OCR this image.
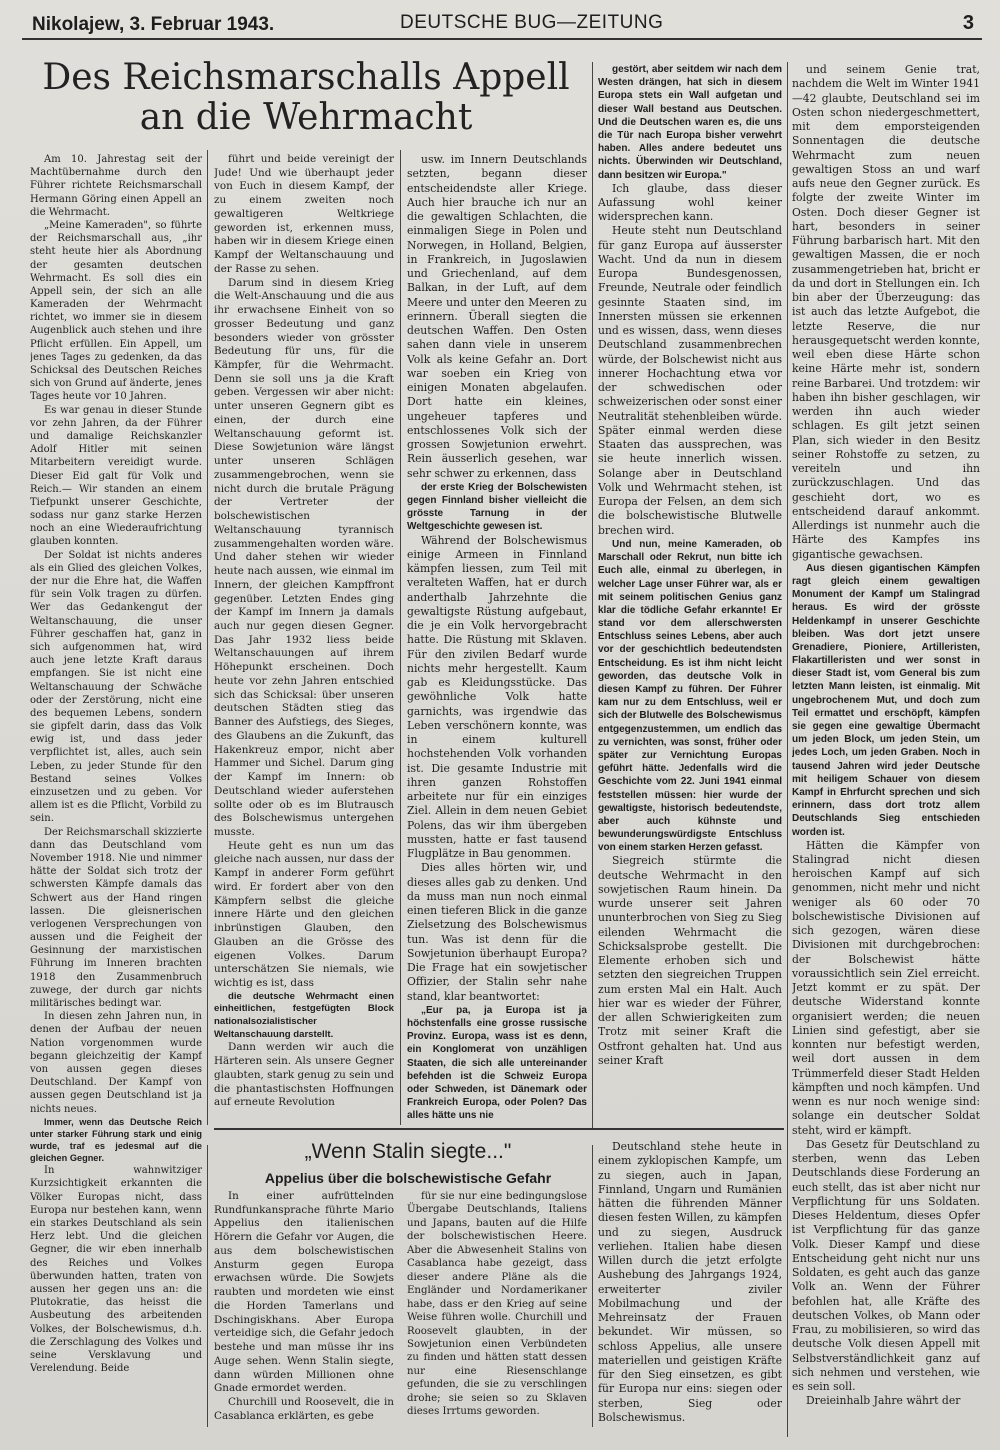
Nikolajew, 3. Februar 1943.	DEUTSCHE BUG—ZEITUNG	3
Des Reichsmarschalls Appell
an die Wehrmacht

Am 10. Jahrestag seit der Machtübernahme durch den Führer richtete Reichsmarschall Hermann Göring einen Appell an die Wehrmacht.

„Meine Kameraden", so führte der Reichsmarschall aus, „ihr steht heute hier als Abordnung der gesamten deutschen Wehrmacht. Es soll dies ein Appell sein, der sich an alle Kameraden der Wehrmacht richtet, wo immer sie in diesem Augenblick auch stehen und ihre Pflicht erfüllen. Ein Appell, um jenes Tages zu gedenken, da das Schicksal des Deutschen Reiches sich von Grund auf änderte, jenes Tages heute vor 10 Jahren.

Es war genau in dieser Stunde vor zehn Jahren, da der Führer und damalige Reichskanzler Adolf Hitler mit seinen Mitarbeitern vereidigt wurde. Dieser Eid galt für Volk und Reich.— Wir standen an einem Tiefpunkt unserer Geschichte, sodass nur ganz starke Herzen noch an eine Wiederaufrichtung glauben konnten.

Der Soldat ist nichts anderes als ein Glied des gleichen Volkes, der nur die Ehre hat, die Waffen für sein Volk tragen zu dürfen. Wer das Gedankengut der Weltanschauung, die unser Führer geschaffen hat, ganz in sich aufgenommen hat, wird auch jene letzte Kraft daraus empfangen. Sie ist nicht eine Weltanschauung der Schwäche oder der Zerstörung, nicht eine des bequemen Lebens, sondern sie gipfelt darin, dass das Volk ewig ist, und dass jeder verpflichtet ist, alles, auch sein Leben, zu jeder Stunde für den Bestand seines Volkes einzusetzen und zu geben. Vor allem ist es die Pflicht, Vorbild zu sein.

Der Reichsmarschall skizzierte dann das Deutschland vom November 1918. Nie und nimmer hätte der Soldat sich trotz der schwersten Kämpfe damals das Schwert aus der Hand ringen lassen. Die gleisnerischen verlogenen Versprechungen von aussen und die Feigheit der Gesinnung der marxistischen Führung im Inneren brachten 1918 den Zusammenbruch zuwege, der durch gar nichts militärisches bedingt war.

In diesen zehn Jahren nun, in denen der Aufbau der neuen Nation vorgenommen wurde begann gleichzeitig der Kampf von aussen gegen dieses Deutschland. Der Kampf von aussen gegen Deutschland ist ja nichts neues.

Immer, wenn das Deutsche Reich unter starker Führung stark und einig wurde, traf es jedesmal auf die gleichen Gegner.

In wahnwitziger Kurzsichtigkeit erkannten die Völker Europas nicht, dass Europa nur bestehen kann, wenn ein starkes Deutschland als sein Herz lebt. Und die gleichen Gegner, die wir eben innerhalb des Reiches und Volkes überwunden hatten, traten von aussen her gegen uns an: die Plutokratie, das heisst die Ausbeutung des arbeitenden Volkes, der Bolschewismus, d.h. die Zerschlagung des Volkes und seine Versklavung und Verelendung. Beide

führt und beide vereinigt der Jude! Und wie überhaupt jeder von Euch in diesem Kampf, der zu einem zweiten noch gewaltigeren Weltkriege geworden ist, erkennen muss, haben wir in diesem Kriege einen Kampf der Weltanschauung und der Rasse zu sehen.

Darum sind in diesem Krieg die Welt-Anschauung und die aus ihr erwachsene Einheit von so grosser Bedeutung und ganz besonders wieder von grösster Bedeutung für uns, für die Kämpfer, für die Wehrmacht. Denn sie soll uns ja die Kraft geben. Vergessen wir aber nicht: unter unseren Gegnern gibt es einen, der durch eine Weltanschauung geformt ist. Diese Sowjetunion wäre längst unter unseren Schlägen zusammengebrochen, wenn sie nicht durch die brutale Prägung der Vertreter der bolschewistischen Weltanschauung tyrannisch zusammengehalten worden wäre. Und daher stehen wir wieder heute nach aussen, wie einmal im Innern, der gleichen Kampffront gegenüber. Letzten Endes ging der Kampf im Innern ja damals auch nur gegen diesen Gegner. Das Jahr 1932 liess beide Weltanschauungen auf ihrem Höhepunkt erscheinen. Doch heute vor zehn Jahren entschied sich das Schicksal: über unseren deutschen Städten stieg das Banner des Aufstiegs, des Sieges, des Glaubens an die Zukunft, das Hakenkreuz empor, nicht aber Hammer und Sichel. Darum ging der Kampf im Innern: ob Deutschland wieder auferstehen sollte oder ob es im Blutrausch des Bolschewismus untergehen musste.

Heute geht es nun um das gleiche nach aussen, nur dass der Kampf in anderer Form geführt wird. Er fordert aber von den Kämpfern selbst die gleiche innere Härte und den gleichen inbrünstigen Glauben, den Glauben an die Grösse des eigenen Volkes. Darum unterschätzen Sie niemals, wie wichtig es ist, dass

die deutsche Wehrmacht einen einheitlichen, festgefügten Block nationalsozialistischer Weltanschauung darstellt.

Dann werden wir auch die Härteren sein. Als unsere Gegner glaubten, stark genug zu sein und die phantastischsten Hoffnungen auf erneute Revolution

usw. im Innern Deutschlands setzten, begann dieser entscheidendste aller Kriege. Auch hier brauche ich nur an die gewaltigen Schlachten, die einmaligen Siege in Polen und Norwegen, in Holland, Belgien, in Frankreich, in Jugoslawien und Griechenland, auf dem Balkan, in der Luft, auf dem Meere und unter den Meeren zu erinnern. Überall siegten die deutschen Waffen. Den Osten sahen dann viele in unserem Volk als keine Gefahr an. Dort war soeben ein Krieg von einigen Monaten abgelaufen. Dort hatte ein kleines, ungeheuer tapferes und entschlossenes Volk sich der grossen Sowjetunion erwehrt. Rein äusserlich gesehen, war sehr schwer zu erkennen, dass

der erste Krieg der Bolschewisten gegen Finnland bisher vielleicht die grösste Tarnung in der Weltgeschichte gewesen ist.

Während der Bolschewismus einige Armeen in Finnland kämpfen liessen, zum Teil mit veralteten Waffen, hat er durch anderthalb Jahrzehnte die gewaltigste Rüstung aufgebaut, die je ein Volk hervorgebracht hatte. Die Rüstung mit Sklaven. Für den zivilen Bedarf wurde nichts mehr hergestellt. Kaum gab es Kleidungsstücke. Das gewöhnliche Volk hatte garnichts, was irgendwie das Leben verschönern konnte, was in einem kulturell hochstehenden Volk vorhanden ist. Die gesamte Industrie mit ihren ganzen Rohstoffen arbeitete nur für ein einziges Ziel. Allein in dem neuen Gebiet Polens, das wir ihm übergeben mussten, hatte er fast tausend Flugplätze in Bau genommen.

Dies alles hörten wir, und dieses alles gab zu denken. Und da muss man nun noch einmal einen tieferen Blick in die ganze Zielsetzung des Bolschewismus tun. Was ist denn für die Sowjetunion überhaupt Europa? Die Frage hat ein sowjetischer Offizier, der Stalin sehr nahe stand, klar beantwortet:

„Eur pa, ja Europa ist ja höchstenfalls eine grosse russische Provinz. Europa, wass ist es denn, ein Konglomerat von unzähligen Staaten, die sich alle untereinander befehden ist die Schweiz Europa oder Schweden, ist Dänemark oder Frankreich Europa, oder Polen? Das alles hätte uns nie

gestört, aber seitdem wir nach dem Westen drängen, hat sich in diesem Europa stets ein Wall aufgetan und dieser Wall bestand aus Deutschen. Und die Deutschen waren es, die uns die Tür nach Europa bisher verwehrt haben. Alles andere bedeutet uns nichts. Überwinden wir Deutschland, dann besitzen wir Europa."

Ich glaube, dass dieser Aufassung wohl keiner widersprechen kann.

Heute steht nun Deutschland für ganz Europa auf äusserster Wacht. Und da nun in diesem Europa Bundesgenossen, Freunde, Neutrale oder feindlich gesinnte Staaten sind, im Innersten müssen sie erkennen und es wissen, dass, wenn dieses Deutschland zusammenbrechen würde, der Bolschewist nicht aus innerer Hochachtung etwa vor der schwedischen oder schweizerischen oder sonst einer Neutralität stehenbleiben würde. Später einmal werden diese Staaten das aussprechen, was sie heute innerlich wissen. Solange aber in Deutschland Volk und Wehrmacht stehen, ist Europa der Felsen, an dem sich die bolschewistische Blutwelle brechen wird.

Und nun, meine Kameraden, ob Marschall oder Rekrut, nun bitte ich Euch alle, einmal zu überlegen, in welcher Lage unser Führer war, als er mit seinem politischen Genius ganz klar die tödliche Gefahr erkannte! Er stand vor dem allerschwersten Entschluss seines Lebens, aber auch vor der geschichtlich bedeutendsten Entscheidung. Es ist ihm nicht leicht geworden, das deutsche Volk in diesen Kampf zu führen. Der Führer kam nur zu dem Entschluss, weil er sich der Blutwelle des Bolschewismus entgegenzustemmen, um endlich das zu vernichten, was sonst, früher oder später zur Vernichtung Europas geführt hätte. Jedenfalls wird die Geschichte vom 22. Juni 1941 einmal feststellen müssen: hier wurde der gewaltigste, historisch bedeutendste, aber auch kühnste und bewunderungswürdigste Entschluss von einem starken Herzen gefasst.

Siegreich stürmte die deutsche Wehrmacht in den sowjetischen Raum hinein. Da wurde unserer seit Jahren ununterbrochen von Sieg zu Sieg eilenden Wehrmacht die Schicksalsprobe gestellt. Die Elemente erhoben sich und setzten den siegreichen Truppen zum ersten Mal ein Halt. Auch hier war es wieder der Führer, der allen Schwierigkeiten zum Trotz mit seiner Kraft die Ostfront gehalten hat. Und aus seiner Kraft

und seinem Genie trat, nachdem die Welt im Winter 1941—42 glaubte, Deutschland sei im Osten schon niedergeschmettert, mit dem emporsteigenden Sonnentagen die deutsche Wehrmacht zum neuen gewaltigen Stoss an und warf aufs neue den Gegner zurück. Es folgte der zweite Winter im Osten. Doch dieser Gegner ist hart, besonders in seiner Führung barbarisch hart. Mit den gewaltigen Massen, die er noch zusammengetrieben hat, bricht er da und dort in Stellungen ein. Ich bin aber der Überzeugung: das ist auch das letzte Aufgebot, die letzte Reserve, die nur herausgequetscht werden konnte, weil eben diese Härte schon keine Härte mehr ist, sondern reine Barbarei. Und trotzdem: wir haben ihn bisher geschlagen, wir werden ihn auch wieder schlagen. Es gilt jetzt seinen Plan, sich wieder in den Besitz seiner Rohstoffe zu setzen, zu vereiteln und ihn zurückzuschlagen. Und das geschieht dort, wo es entscheidend darauf ankommt. Allerdings ist nunmehr auch die Härte des Kampfes ins gigantische gewachsen.

Aus diesen gigantischen Kämpfen ragt gleich einem gewaltigen Monument der Kampf um Stalingrad heraus. Es wird der grösste Heldenkampf in unserer Geschichte bleiben. Was dort jetzt unsere Grenadiere, Pioniere, Artilleristen, Flakartilleristen und wer sonst in dieser Stadt ist, vom General bis zum letzten Mann leisten, ist einmalig. Mit ungebrochenem Mut, und doch zum Teil ermattet und erschöpft, kämpfen sie gegen eine gewaltige Übermacht um jeden Block, um jeden Stein, um jedes Loch, um jeden Graben. Noch in tausend Jahren wird jeder Deutsche mit heiligem Schauer von diesem Kampf in Ehrfurcht sprechen und sich erinnern, dass dort trotz allem Deutschlands Sieg entschieden worden ist.

Hätten die Kämpfer von Stalingrad nicht diesen heroischen Kampf auf sich genommen, nicht mehr und nicht weniger als 60 oder 70 bolschewistische Divisionen auf sich gezogen, wären diese Divisionen mit durchgebrochen: der Bolschewist hätte voraussichtlich sein Ziel erreicht. Jetzt kommt er zu spät. Der deutsche Widerstand konnte organisiert werden; die neuen Linien sind gefestigt, aber sie konnten nur befestigt werden, weil dort aussen in dem Trümmerfeld dieser Stadt Helden kämpften und noch kämpfen. Und wenn es nur noch wenige sind: solange ein deutscher Soldat steht, wird er kämpft.

Das Gesetz für Deutschland zu sterben, wenn das Leben Deutschlands diese Forderung an euch stellt, das ist aber nicht nur Verpflichtung für uns Soldaten. Dieses Heldentum, dieses Opfer ist Verpflichtung für das ganze Volk. Dieser Kampf und diese Entscheidung geht nicht nur uns Soldaten, es geht auch das ganze Volk an. Wenn der Führer befohlen hat, alle Kräfte des deutschen Volkes, ob Mann oder Frau, zu mobilisieren, so wird das deutsche Volk diesen Appell mit Selbstverständlichkeit ganz auf sich nehmen und verstehen, wie es sein soll.

Dreieinhalb Jahre währt der

„Wenn Stalin siegte..."
Appelius über die bolschewistische Gefahr

In einer aufrüttelnden Rundfunkansprache führte Mario Appelius den italienischen Hörern die Gefahr vor Augen, die aus dem bolschewistischen Ansturm gegen Europa erwachsen würde. Die Sowjets raubten und mordeten wie einst die Horden Tamerlans und Dschingiskhans. Aber Europa verteidige sich, die Gefahr jedoch bestehe und man müsse ihr ins Auge sehen. Wenn Stalin siegte, dann würden Millionen ohne Gnade ermordet werden.

Churchill und Roosevelt, die in Casablanca erklärten, es gebe

für sie nur eine bedingungslose Übergabe Deutschlands, Italiens und Japans, bauten auf die Hilfe der bolschewistischen Heere. Aber die Abwesenheit Stalins von Casablanca habe gezeigt, dass dieser andere Pläne als die Engländer und Nordamerikaner habe, dass er den Krieg auf seine Weise führen wolle. Churchill und Roosevelt glaubten, in der Sowjetunion einen Verbündeten zu finden und hätten statt dessen nur eine Riesenschlange gefunden, die sie zu verschlingen drohe; sie seien so zu Sklaven dieses Irrtums geworden.

Deutschland stehe heute in einem zyklopischen Kampfe, um zu siegen, auch in Japan, Finnland, Ungarn und Rumänien hätten die führenden Männer diesen festen Willen, zu kämpfen und zu siegen, Ausdruck verliehen. Italien habe diesen Willen durch die jetzt erfolgte Aushebung des Jahrgangs 1924, erweiterter ziviler Mobilmachung und der Mehreinsatz der Frauen bekundet. Wir müssen, so schloss Appelius, alle unsere materiellen und geistigen Kräfte für den Sieg einsetzen, es gibt für Europa nur eins: siegen oder sterben, Sieg oder Bolschewismus.
